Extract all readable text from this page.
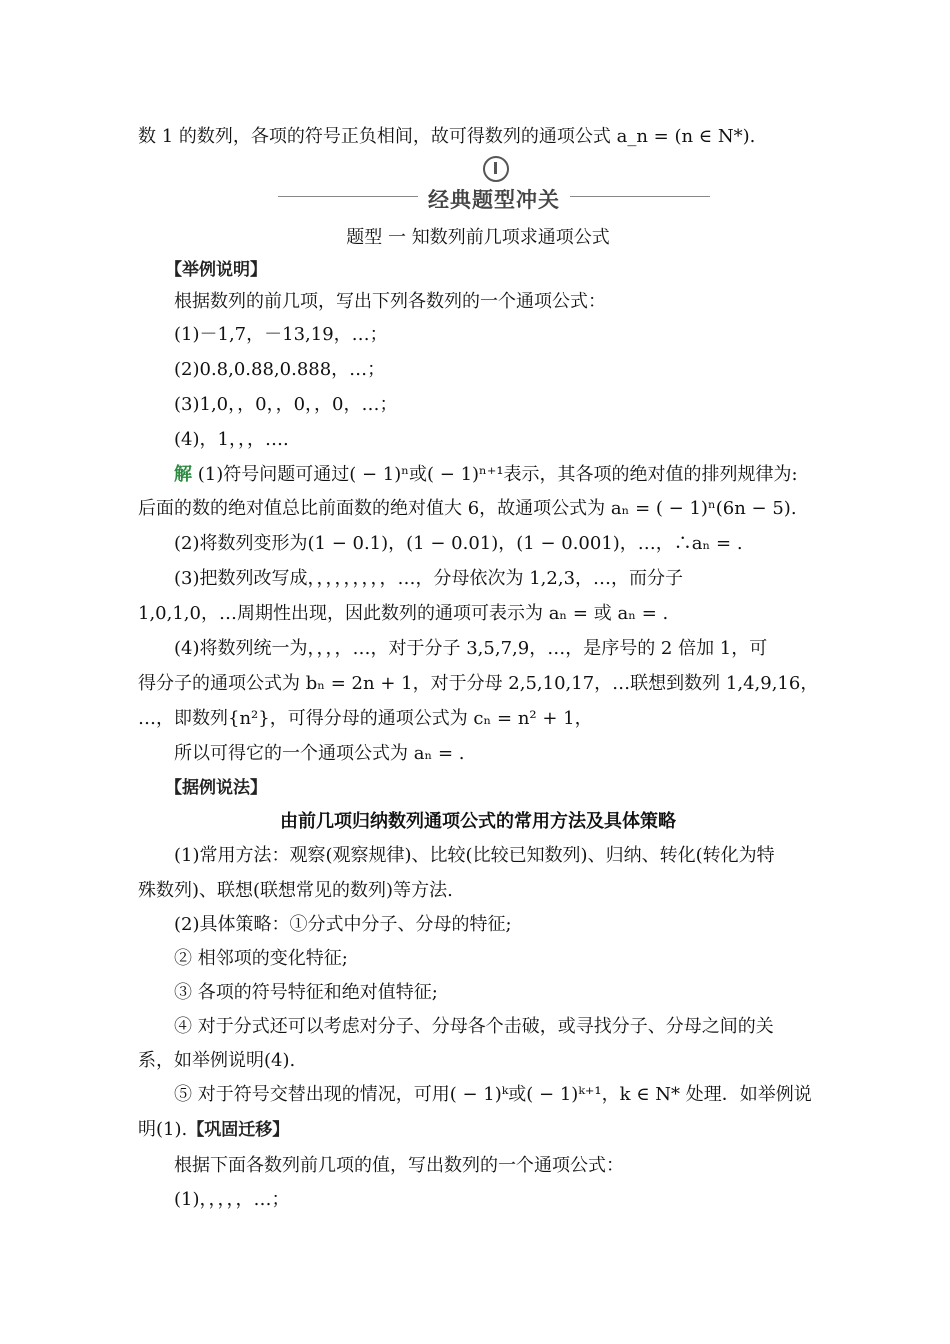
数 1 的数列，各项的符号正负相间，故可得数列的通项公式 a_n = (n ∈ N*).
经典题型冲关
题型 一 知数列前几项求通项公式
【举例说明】
根据数列的前几项，写出下列各数列的一个通项公式：
(1)－1,7，－13,19，…；
(2)0.8,0.88,0.888，…；
(3)1,0，，0，，0，，0，…；
(4)，1，，，….
解 (1)符号问题可通过( − 1)ⁿ或( − 1)ⁿ⁺¹表示，其各项的绝对值的排列规律为:
后面的数的绝对值总比前面数的绝对值大 6，故通项公式为 aₙ = ( − 1)ⁿ(6n − 5).
(2)将数列变形为(1 − 0.1)，(1 − 0.01)，(1 − 0.001)，…，∴aₙ = .
(3)把数列改写成，，，，，，，，，…，分母依次为 1,2,3，…，而分子
1,0,1,0，…周期性出现，因此数列的通项可表示为 aₙ = 或 aₙ = .
(4)将数列统一为，，，，…，对于分子 3,5,7,9，…，是序号的 2 倍加 1，可
得分子的通项公式为 bₙ = 2n + 1，对于分母 2,5,10,17，…联想到数列 1,4,9,16，
…，即数列{n²}，可得分母的通项公式为 cₙ = n² + 1，
所以可得它的一个通项公式为 aₙ = .
【据例说法】
由前几项归纳数列通项公式的常用方法及具体策略
(1)常用方法：观察(观察规律)、比较(比较已知数列)、归纳、转化(转化为特
殊数列)、联想(联想常见的数列)等方法.
(2)具体策略：①分式中分子、分母的特征;
② 相邻项的变化特征;
③ 各项的符号特征和绝对值特征;
④ 对于分式还可以考虑对分子、分母各个击破，或寻找分子、分母之间的关
系，如举例说明(4).
⑤ 对于符号交替出现的情况，可用( − 1)ᵏ或( − 1)ᵏ⁺¹，k ∈ N* 处理．如举例说
明(1).【巩固迁移】
根据下面各数列前几项的值，写出数列的一个通项公式：
(1)，，，，，…；
